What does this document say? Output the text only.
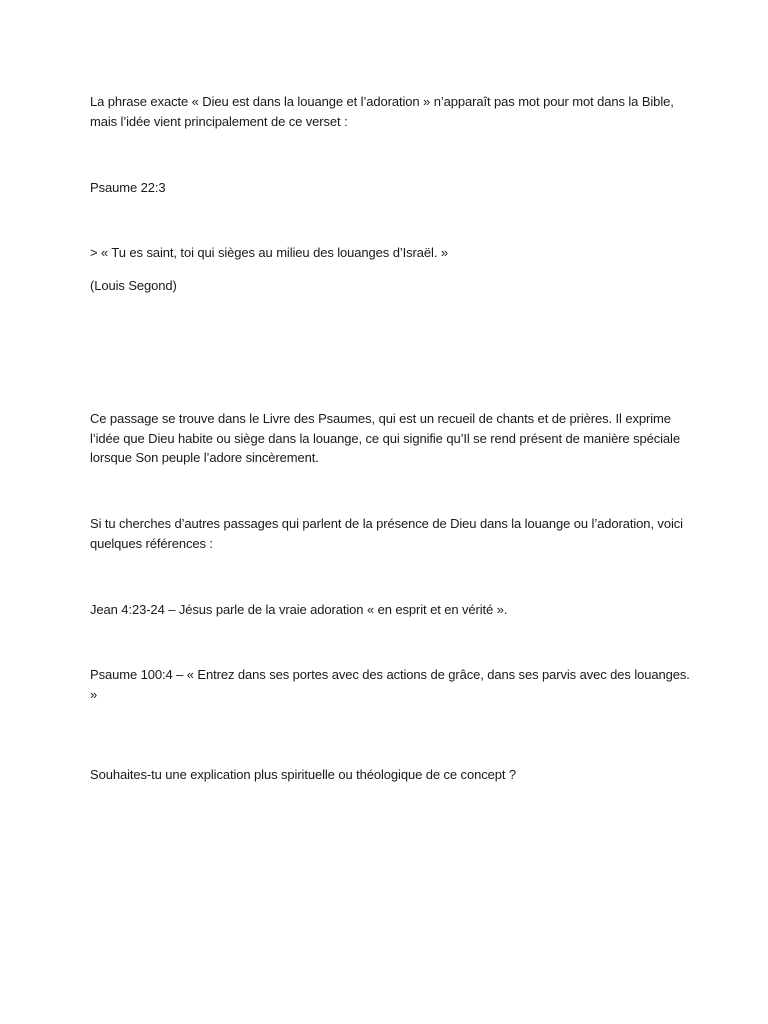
La phrase exacte « Dieu est dans la louange et l’adoration » n’apparaît pas mot pour mot dans la Bible, mais l’idée vient principalement de ce verset :

Psaume 22:3

> « Tu es saint, toi qui sièges au milieu des louanges d’Israël. »

(Louis Segond)

Ce passage se trouve dans le Livre des Psaumes, qui est un recueil de chants et de prières. Il exprime l’idée que Dieu habite ou siège dans la louange, ce qui signifie qu’Il se rend présent de manière spéciale lorsque Son peuple l’adore sincèrement.

Si tu cherches d’autres passages qui parlent de la présence de Dieu dans la louange ou l’adoration, voici quelques références :

Jean 4:23-24 – Jésus parle de la vraie adoration « en esprit et en vérité ».

Psaume 100:4 – « Entrez dans ses portes avec des actions de grâce, dans ses parvis avec des louanges. »

Souhaites-tu une explication plus spirituelle ou théologique de ce concept ?
